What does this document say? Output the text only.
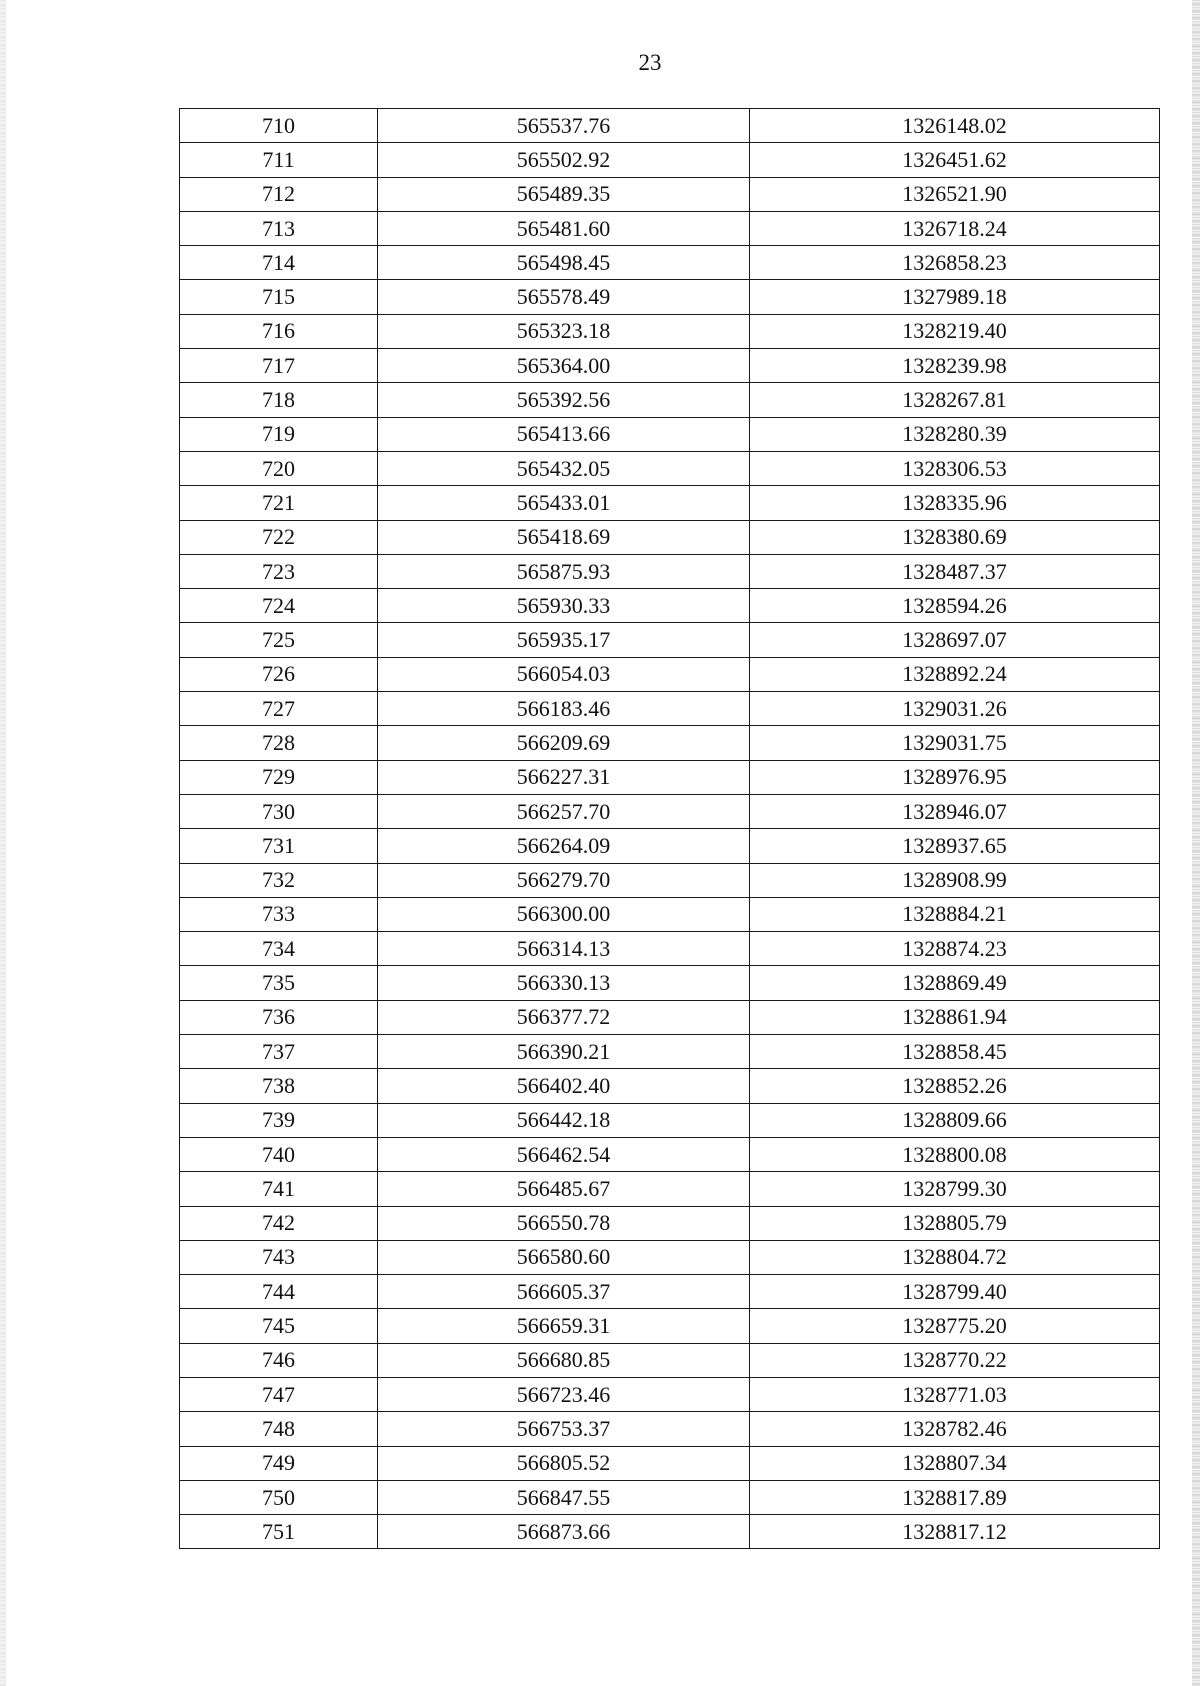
23
710	565537.76	1326148.02
711	565502.92	1326451.62
712	565489.35	1326521.90
713	565481.60	1326718.24
714	565498.45	1326858.23
715	565578.49	1327989.18
716	565323.18	1328219.40
717	565364.00	1328239.98
718	565392.56	1328267.81
719	565413.66	1328280.39
720	565432.05	1328306.53
721	565433.01	1328335.96
722	565418.69	1328380.69
723	565875.93	1328487.37
724	565930.33	1328594.26
725	565935.17	1328697.07
726	566054.03	1328892.24
727	566183.46	1329031.26
728	566209.69	1329031.75
729	566227.31	1328976.95
730	566257.70	1328946.07
731	566264.09	1328937.65
732	566279.70	1328908.99
733	566300.00	1328884.21
734	566314.13	1328874.23
735	566330.13	1328869.49
736	566377.72	1328861.94
737	566390.21	1328858.45
738	566402.40	1328852.26
739	566442.18	1328809.66
740	566462.54	1328800.08
741	566485.67	1328799.30
742	566550.78	1328805.79
743	566580.60	1328804.72
744	566605.37	1328799.40
745	566659.31	1328775.20
746	566680.85	1328770.22
747	566723.46	1328771.03
748	566753.37	1328782.46
749	566805.52	1328807.34
750	566847.55	1328817.89
751	566873.66	1328817.12
